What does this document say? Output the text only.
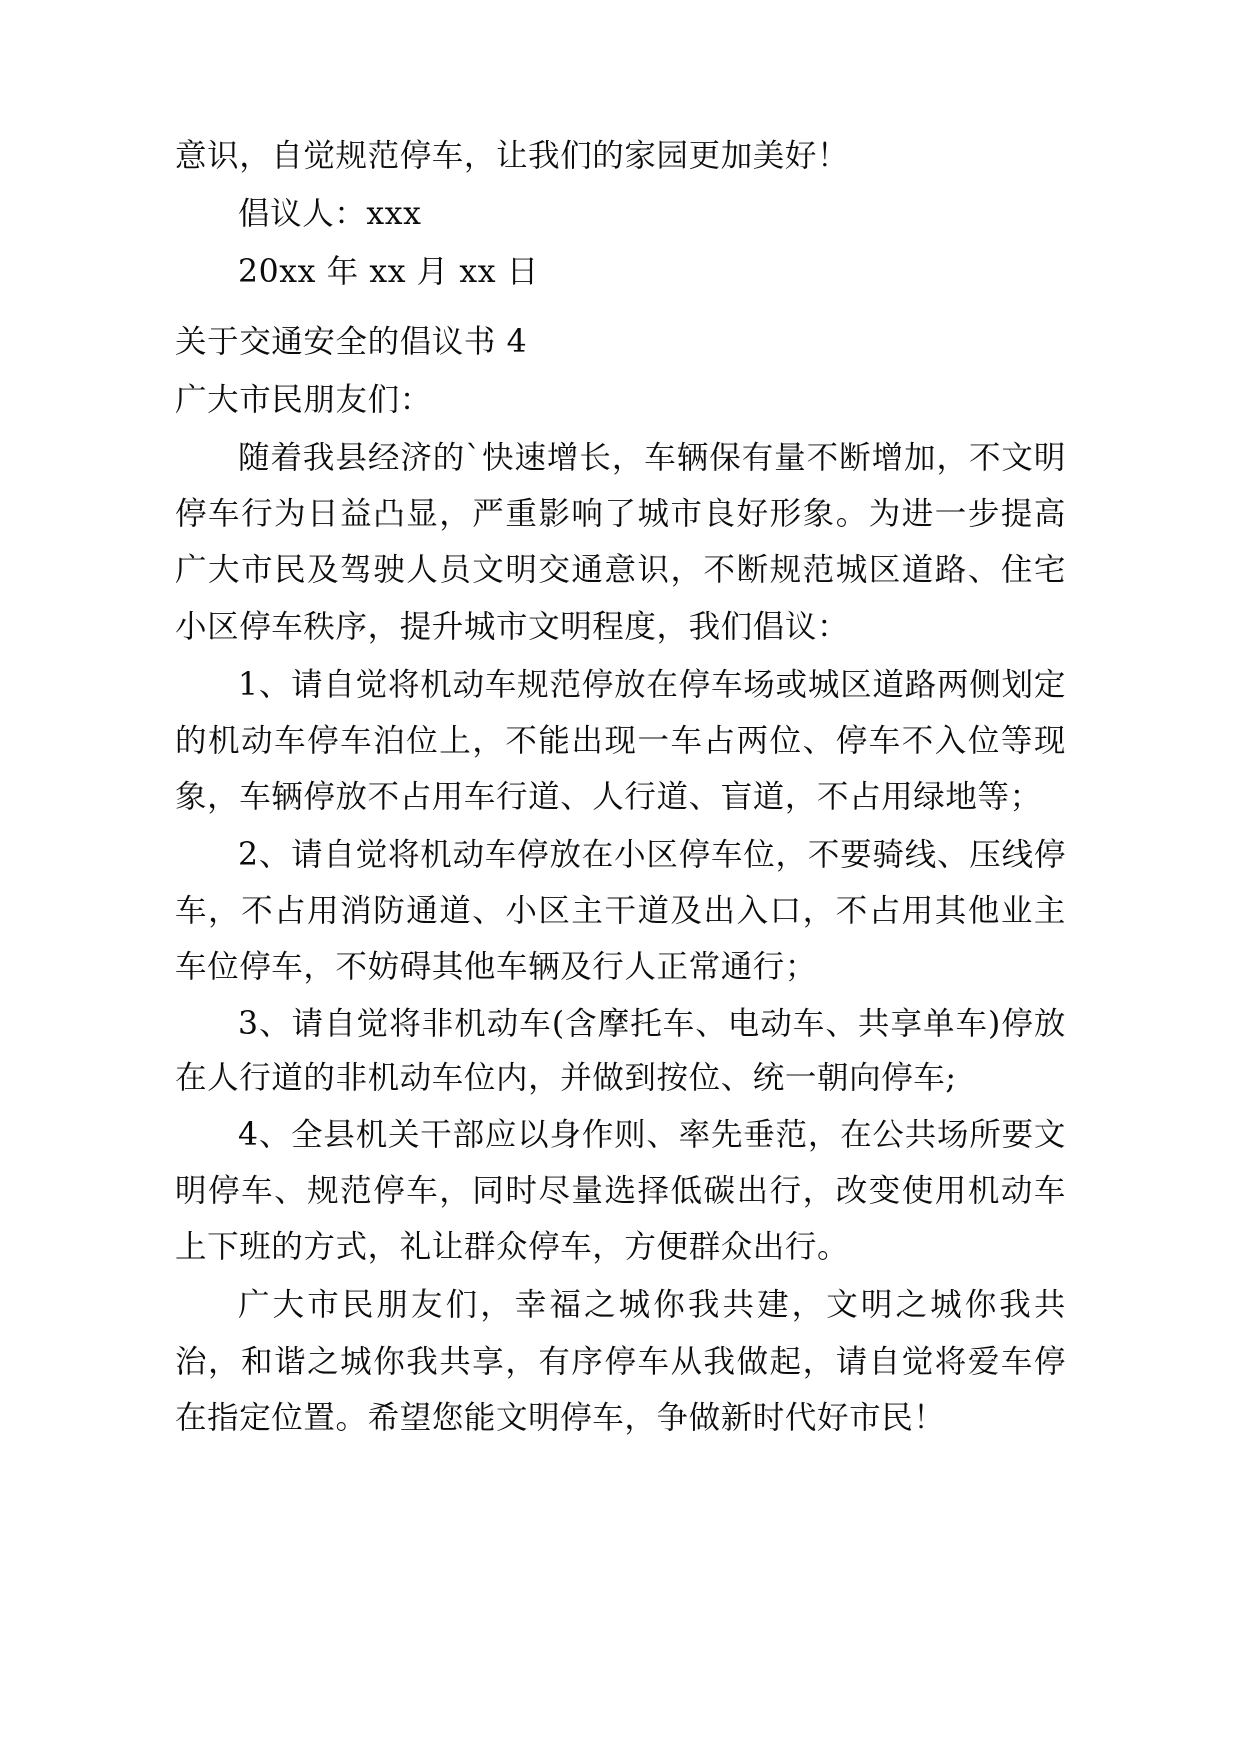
意识，自觉规范停车，让我们的家园更加美好！

倡议人：xxx

20xx 年 xx 月 xx 日

关于交通安全的倡议书 4

广大市民朋友们：

随着我县经济的`快速增长，车辆保有量不断增加，不文明停车行为日益凸显，严重影响了城市良好形象。为进一步提高广大市民及驾驶人员文明交通意识，不断规范城区道路、住宅小区停车秩序，提升城市文明程度，我们倡议：

1、请自觉将机动车规范停放在停车场或城区道路两侧划定的机动车停车泊位上，不能出现一车占两位、停车不入位等现象，车辆停放不占用车行道、人行道、盲道，不占用绿地等；

2、请自觉将机动车停放在小区停车位，不要骑线、压线停车，不占用消防通道、小区主干道及出入口，不占用其他业主车位停车，不妨碍其他车辆及行人正常通行；

3、请自觉将非机动车(含摩托车、电动车、共享单车)停放在人行道的非机动车位内，并做到按位、统一朝向停车;

4、全县机关干部应以身作则、率先垂范，在公共场所要文明停车、规范停车，同时尽量选择低碳出行，改变使用机动车上下班的方式，礼让群众停车，方便群众出行。

广大市民朋友们，幸福之城你我共建，文明之城你我共治，和谐之城你我共享，有序停车从我做起，请自觉将爱车停在指定位置。希望您能文明停车，争做新时代好市民！
